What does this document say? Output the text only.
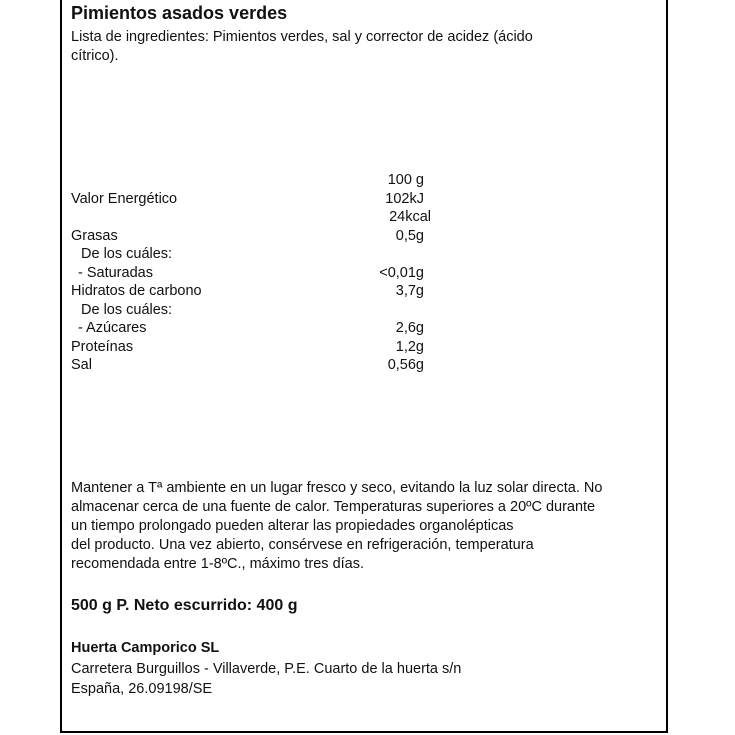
Pimientos asados verdes
Lista de ingredientes: Pimientos verdes, sal y corrector de acidez (ácido
cítrico).
100 g
Valor Energético	102kJ
24kcal
Grasas	0,5g
De los cuáles:
- Saturadas	<0,01g
Hidratos de carbono	3,7g
De los cuáles:
- Azúcares	2,6g
Proteínas	1,2g
Sal	0,56g
Mantener a Tª ambiente en un lugar fresco y seco, evitando la luz solar directa. No
almacenar cerca de una fuente de calor. Temperaturas superiores a 20ºC durante
un tiempo prolongado pueden alterar las propiedades organolépticas
del producto. Una vez abierto, consérvese en refrigeración, temperatura
recomendada entre 1-8ºC., máximo tres días.
500 g P. Neto escurrido: 400 g
Huerta Camporico SL
Carretera Burguillos - Villaverde, P.E. Cuarto de la huerta s/n
España, 26.09198/SE
